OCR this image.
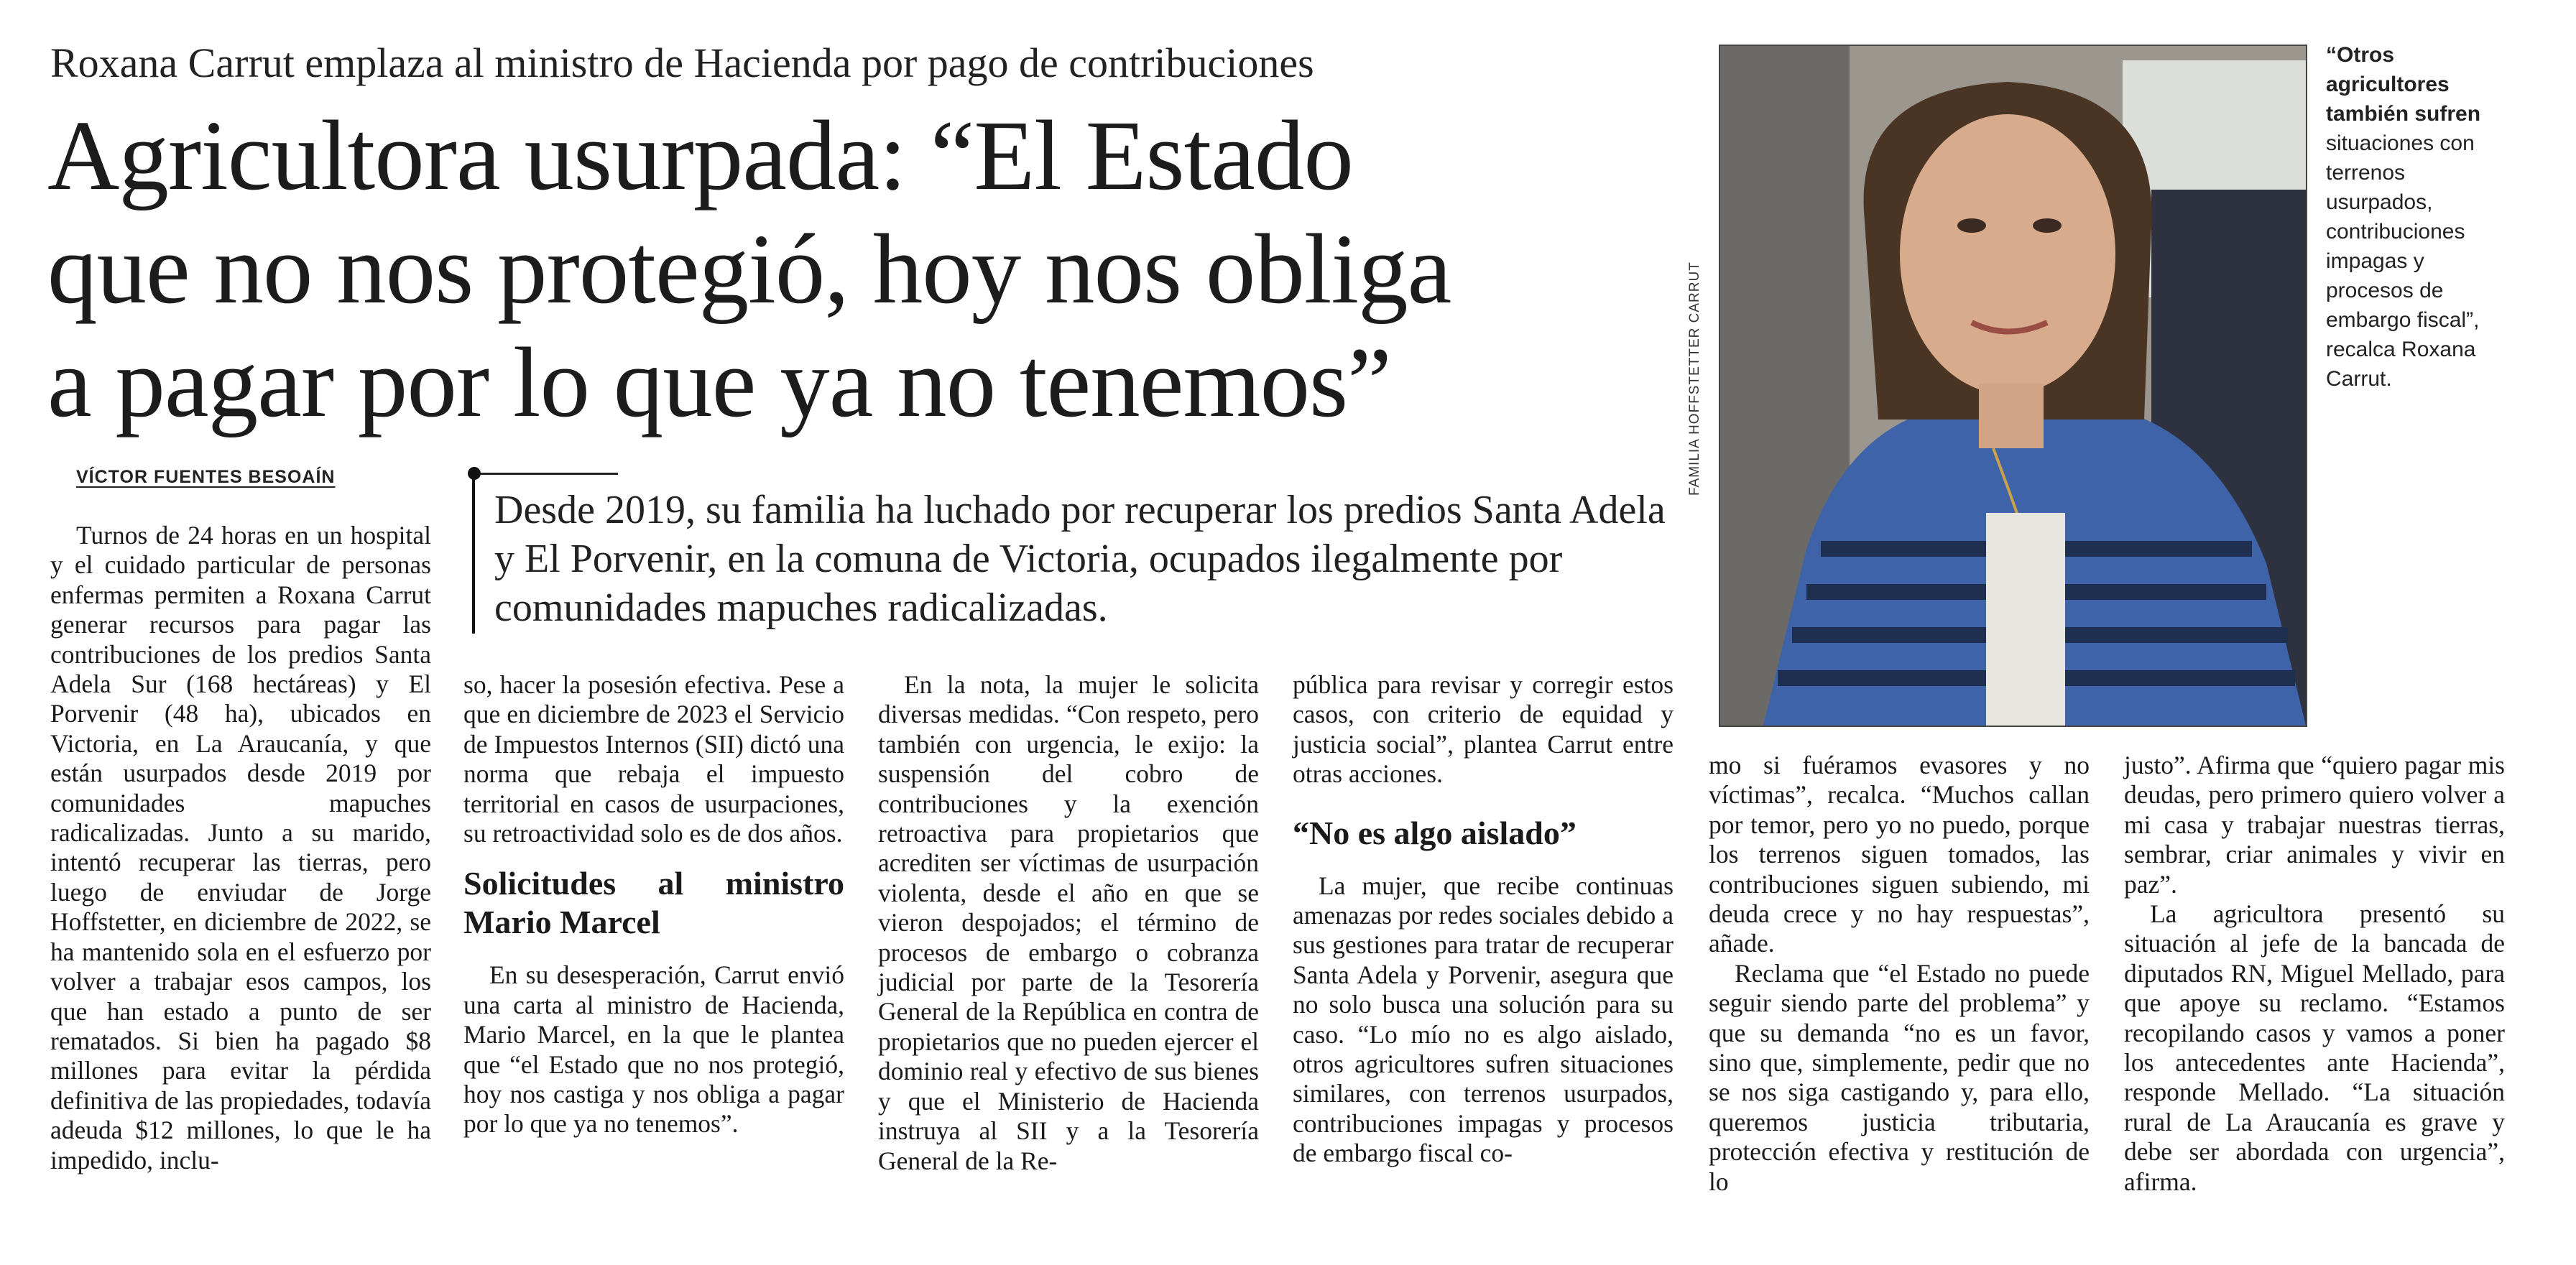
Roxana Carrut emplaza al ministro de Hacienda por pago de contribuciones
Agricultora usurpada: “El Estado
que no nos protegió, hoy nos obliga
a pagar por lo que ya no tenemos”
VÍCTOR FUENTES BESOAÍN
Desde 2019, su familia ha luchado por recuperar los predios Santa Adela y El Porvenir, en la comuna de Victoria, ocupados ilegalmente por comunidades mapuches radicalizadas.

Turnos de 24 horas en un hospital y el cuidado particular de personas enfermas permiten a Roxana Carrut generar recursos para pagar las contribuciones de los predios Santa Adela Sur (168 hectáreas) y El Porvenir (48 ha), ubicados en Victoria, en La Araucanía, y que están usurpados desde 2019 por comunidades mapuches radicalizadas. Junto a su marido, intentó recuperar las tierras, pero luego de enviudar de Jorge Hoffstetter, en diciembre de 2022, se ha mantenido sola en el esfuerzo por volver a trabajar esos campos, los que han estado a punto de ser rematados. Si bien ha pagado $8 millones para evitar la pérdida definitiva de las propiedades, todavía adeuda $12 millones, lo que le ha impedido, inclu-

so, hacer la posesión efectiva. Pese a que en diciembre de 2023 el Servicio de Impuestos Internos (SII) dictó una norma que rebaja el impuesto territorial en casos de usurpaciones, su retroactividad solo es de dos años.

Solicitudes al ministro Mario Marcel

En su desesperación, Carrut envió una carta al ministro de Hacienda, Mario Marcel, en la que le plantea que “el Estado que no nos protegió, hoy nos castiga y nos obliga a pagar por lo que ya no tenemos”.

En la nota, la mujer le solicita diversas medidas. “Con respeto, pero también con urgencia, le exijo: la suspensión del cobro de contribuciones y la exención retroactiva para propietarios que acrediten ser víctimas de usurpación violenta, desde el año en que se vieron despojados; el término de procesos de embargo o cobranza judicial por parte de la Tesorería General de la República en contra de propietarios que no pueden ejercer el dominio real y efectivo de sus bienes y que el Ministerio de Hacienda instruya al SII y a la Tesorería General de la Re-

pública para revisar y corregir estos casos, con criterio de equidad y justicia social”, plantea Carrut entre otras acciones.

“No es algo aislado”

La mujer, que recibe continuas amenazas por redes sociales debido a sus gestiones para tratar de recuperar Santa Adela y Porvenir, asegura que no solo busca una solución para su caso. “Lo mío no es algo aislado, otros agricultores sufren situaciones similares, con terrenos usurpados, contribuciones impagas y procesos de embargo fiscal co-

FAMILIA HOFFSTETTER CARRUT
“Otros agricultores también sufren situaciones con terrenos usurpados, contribuciones impagas y procesos de embargo fiscal”, recalca Roxana Carrut.

mo si fuéramos evasores y no víctimas”, recalca. “Muchos callan por temor, pero yo no puedo, porque los terrenos siguen tomados, las contribuciones siguen subiendo, mi deuda crece y no hay respuestas”, añade.

Reclama que “el Estado no puede seguir siendo parte del problema” y que su demanda “no es un favor, sino que, simplemente, pedir que no se nos siga castigando y, para ello, queremos justicia tributaria, protección efectiva y restitución de lo

justo”. Afirma que “quiero pagar mis deudas, pero primero quiero volver a mi casa y trabajar nuestras tierras, sembrar, criar animales y vivir en paz”.

La agricultora presentó su situación al jefe de la bancada de diputados RN, Miguel Mellado, para que apoye su reclamo. “Estamos recopilando casos y vamos a poner los antecedentes ante Hacienda”, responde Mellado. “La situación rural de La Araucanía es grave y debe ser abordada con urgencia”, afirma.
